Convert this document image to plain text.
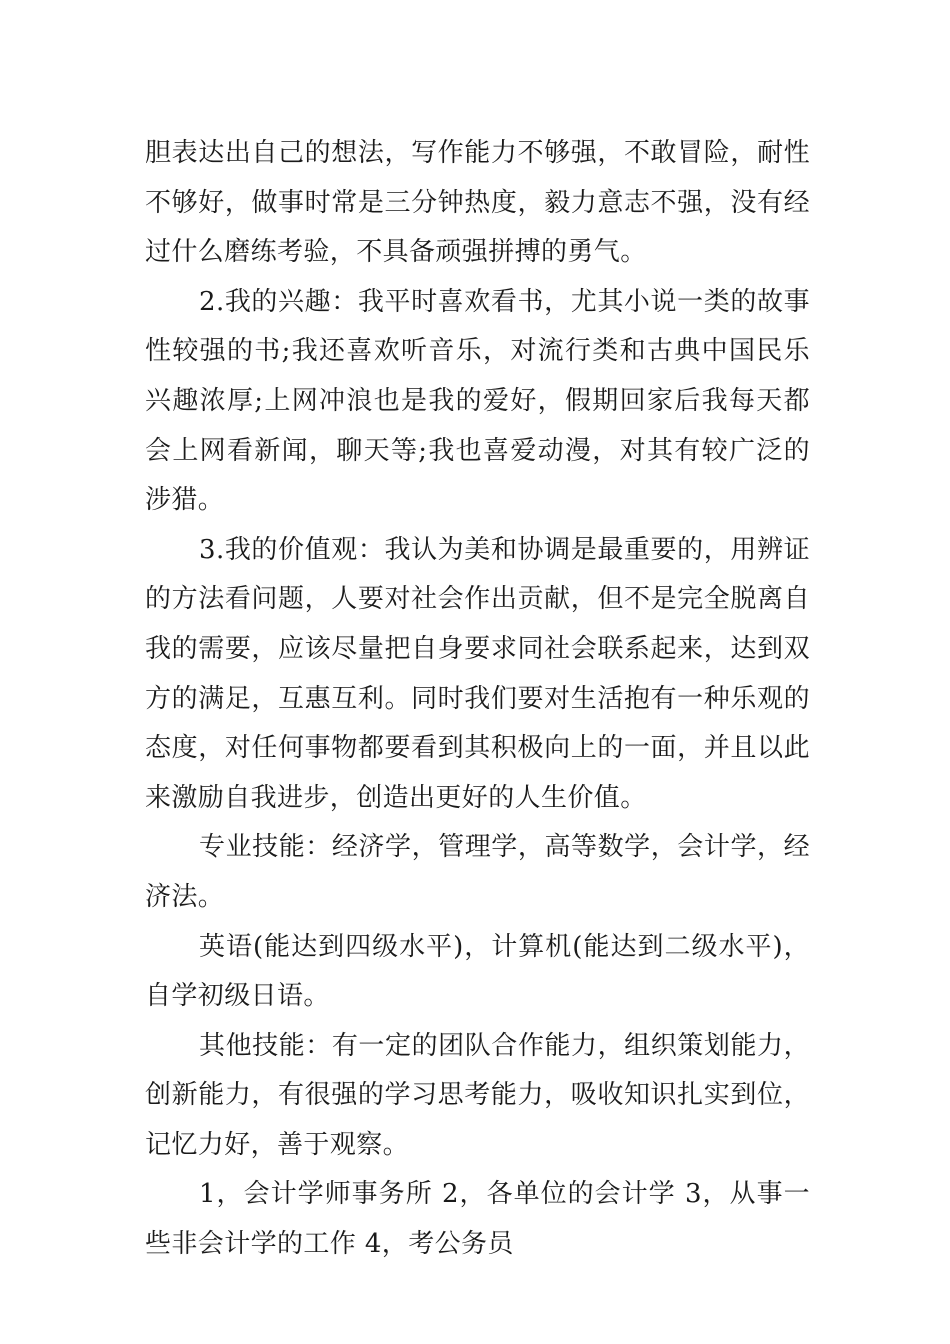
胆表达出自己的想法，写作能力不够强，不敢冒险，耐性不够好，做事时常是三分钟热度，毅力意志不强，没有经过什么磨练考验，不具备顽强拼搏的勇气。

2.我的兴趣：我平时喜欢看书，尤其小说一类的故事性较强的书;我还喜欢听音乐，对流行类和古典中国民乐兴趣浓厚;上网冲浪也是我的爱好，假期回家后我每天都会上网看新闻，聊天等;我也喜爱动漫，对其有较广泛的涉猎。

3.我的价值观：我认为美和协调是最重要的，用辨证的方法看问题，人要对社会作出贡献，但不是完全脱离自我的需要，应该尽量把自身要求同社会联系起来，达到双方的满足，互惠互利。同时我们要对生活抱有一种乐观的态度，对任何事物都要看到其积极向上的一面，并且以此来激励自我进步，创造出更好的人生价值。

专业技能：经济学，管理学，高等数学，会计学，经济法。

英语(能达到四级水平)，计算机(能达到二级水平)，自学初级日语。

其他技能：有一定的团队合作能力，组织策划能力，创新能力，有很强的学习思考能力，吸收知识扎实到位，记忆力好，善于观察。

1，会计学师事务所 2，各单位的会计学 3，从事一些非会计学的工作 4，考公务员
